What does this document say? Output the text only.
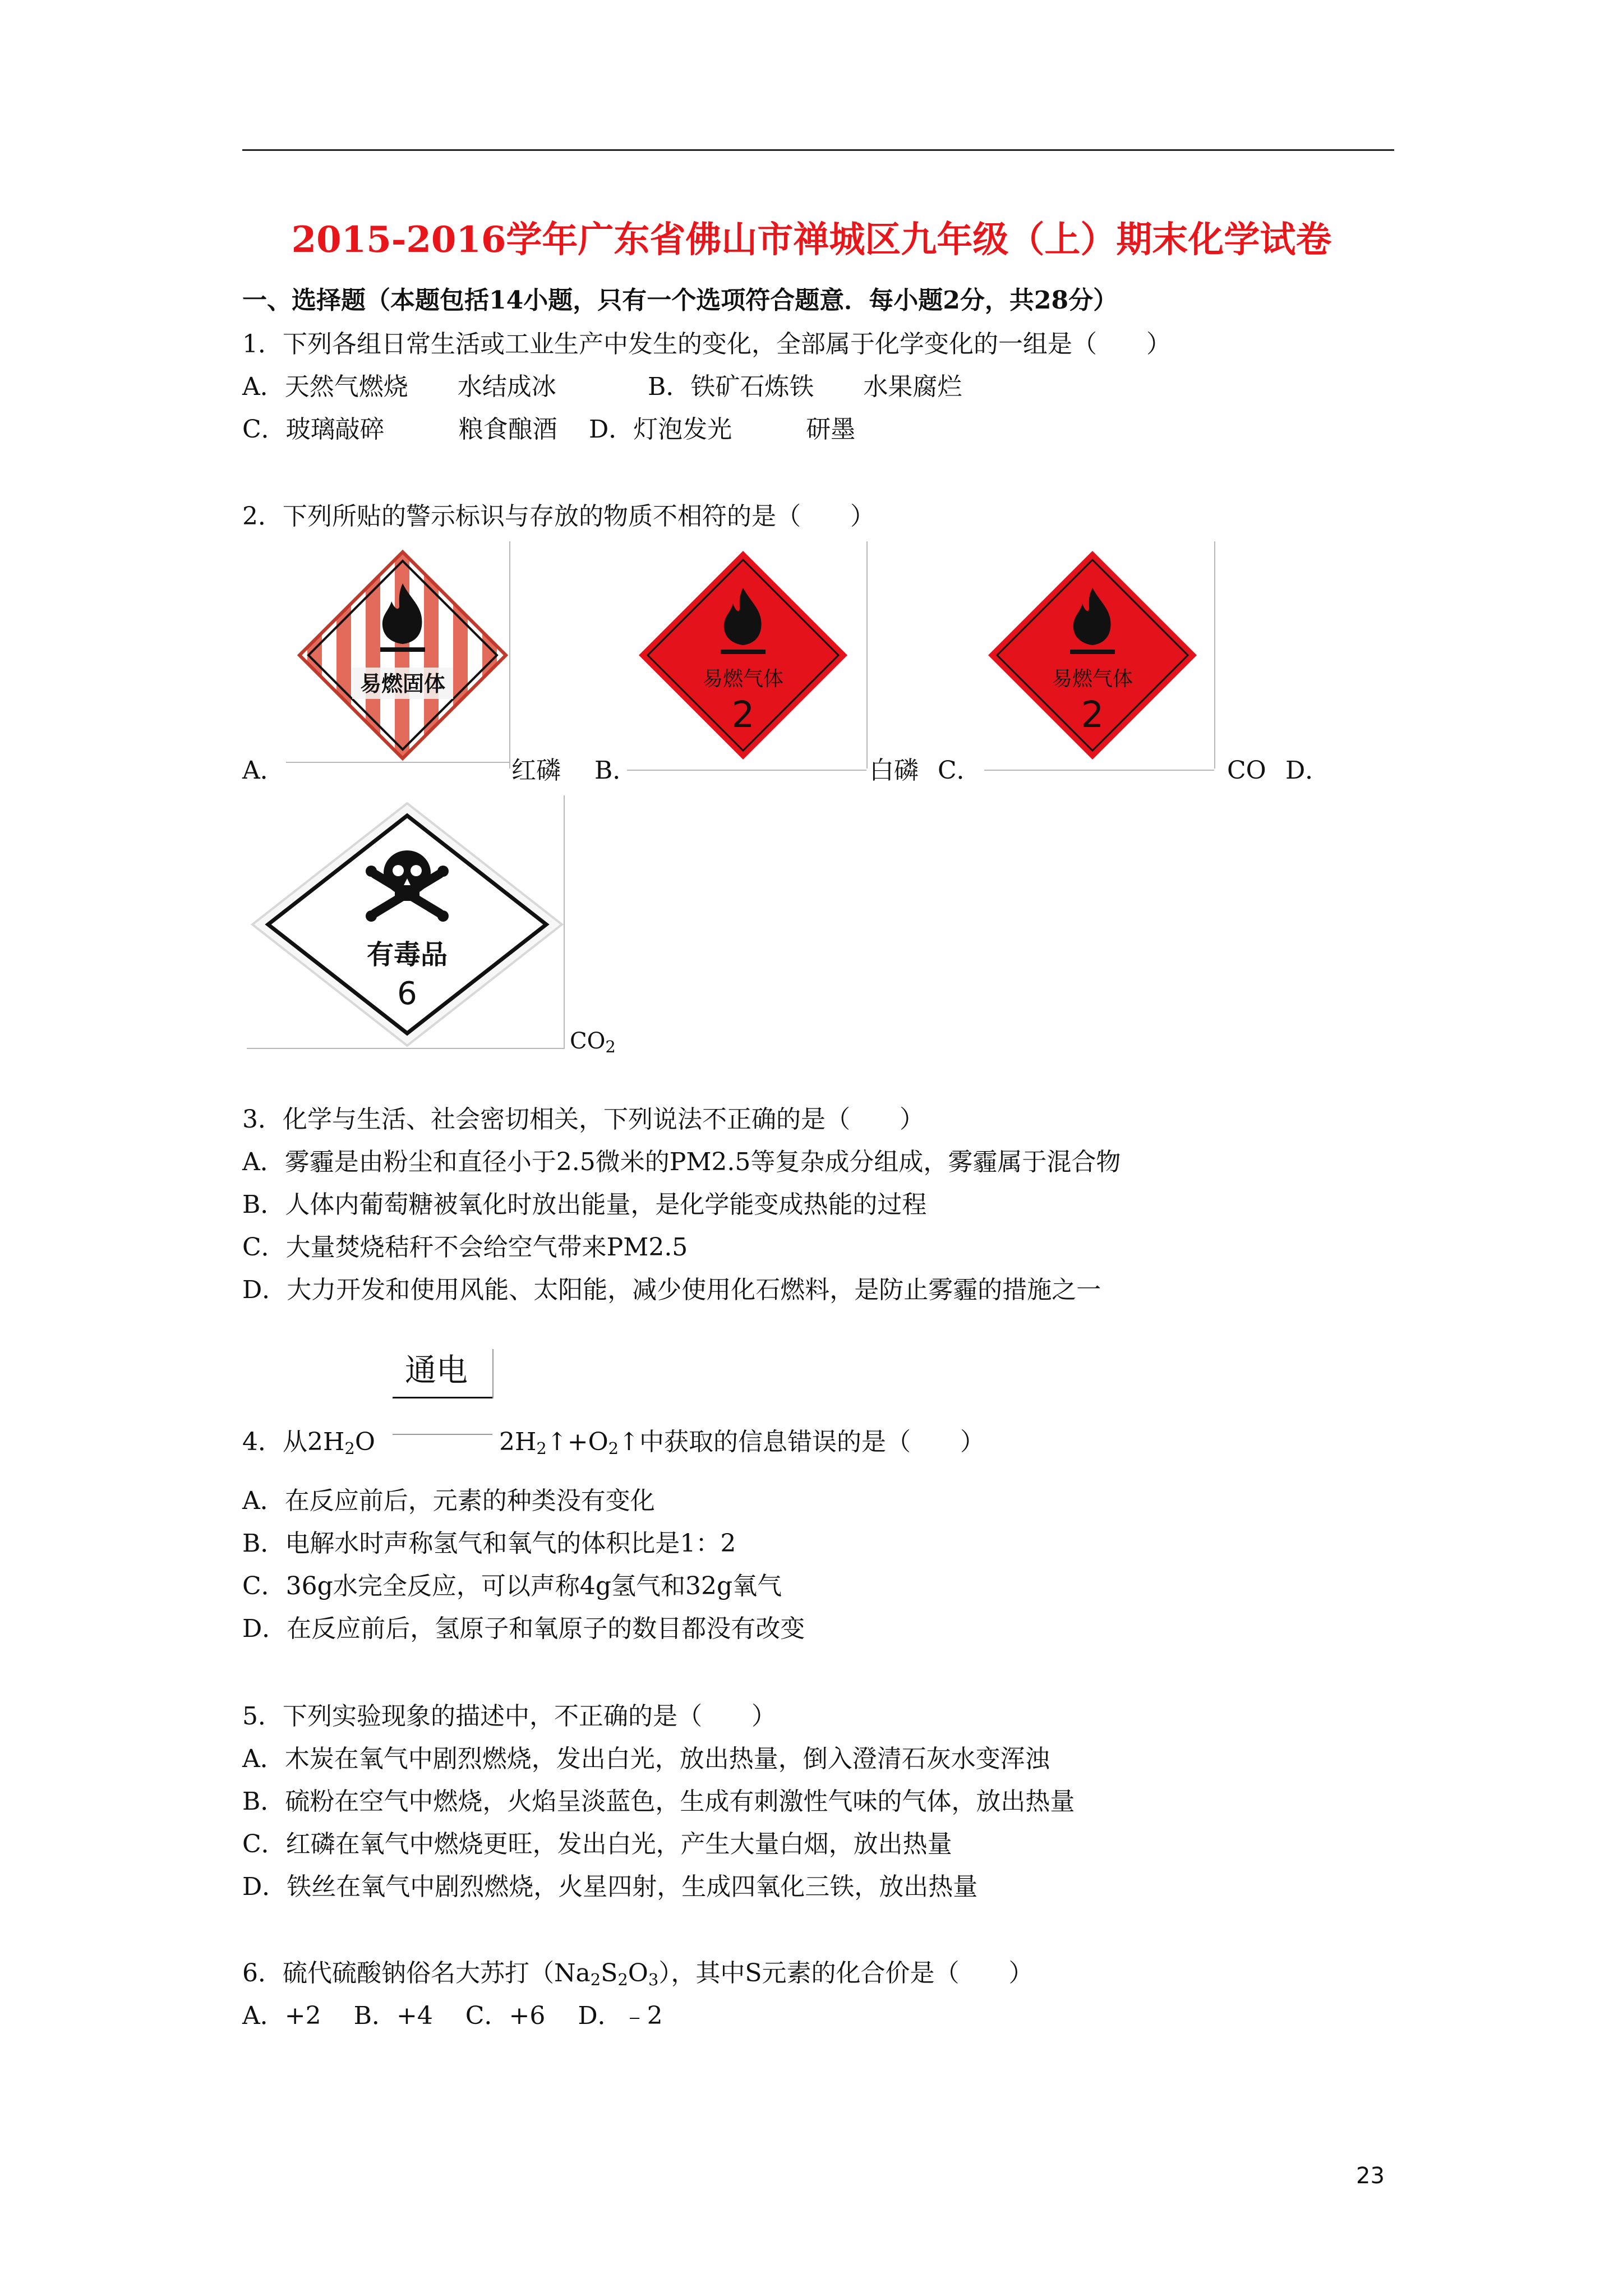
2015-2016学年广东省佛山市禅城区九年级（上）期末化学试卷
一、选择题（本题包括14小题，只有一个选项符合题意．每小题2分，共28分）
1．下列各组日常生活或工业生产中发生的变化，全部属于化学变化的一组是（　　）
A．天然气燃烧　　水结成冰	B．铁矿石炼铁　　水果腐烂
C．玻璃敲碎　　　粮食酿酒 D．灯泡发光　　　研墨
2．下列所贴的警示标识与存放的物质不相符的是（　　）
易燃固体
A．	红磷
易燃气体
2
B．	白磷
易燃气体
2
C．	CO D．
有毒品
6
$CO_2$
3．化学与生活、社会密切相关，下列说法不正确的是（　　）
A．雾霾是由粉尘和直径小于2.5微米的PM2.5等复杂成分组成，雾霾属于混合物
B．人体内葡萄糖被氧化时放出能量，是化学能变成热能的过程
C．大量焚烧秸秆不会给空气带来PM2.5
D．大力开发和使用风能、太阳能，减少使用化石燃料，是防止雾霾的措施之一
通电
4．从$2H_2O$	$2H_2↑+O_2↑$中获取的信息错误的是（　　）
A．在反应前后，元素的种类没有变化
B．电解水时声称氢气和氧气的体积比是1：2
C．36g水完全反应，可以声称4g氢气和32g氧气
D．在反应前后，氢原子和氧原子的数目都没有改变
5．下列实验现象的描述中，不正确的是（　　）
A．木炭在氧气中剧烈燃烧，发出白光，放出热量，倒入澄清石灰水变浑浊
B．硫粉在空气中燃烧，火焰呈淡蓝色，生成有刺激性气味的气体，放出热量
C．红磷在氧气中燃烧更旺，发出白光，产生大量白烟，放出热量
D．铁丝在氧气中剧烈燃烧，火星四射，生成四氧化三铁，放出热量
6．硫代硫酸钠俗名大苏打$(Na_2S_2O_3)$，其中S元素的化合价是（　　）
A．+2　 B．+4　 C．+6　 D．﹣2
23
